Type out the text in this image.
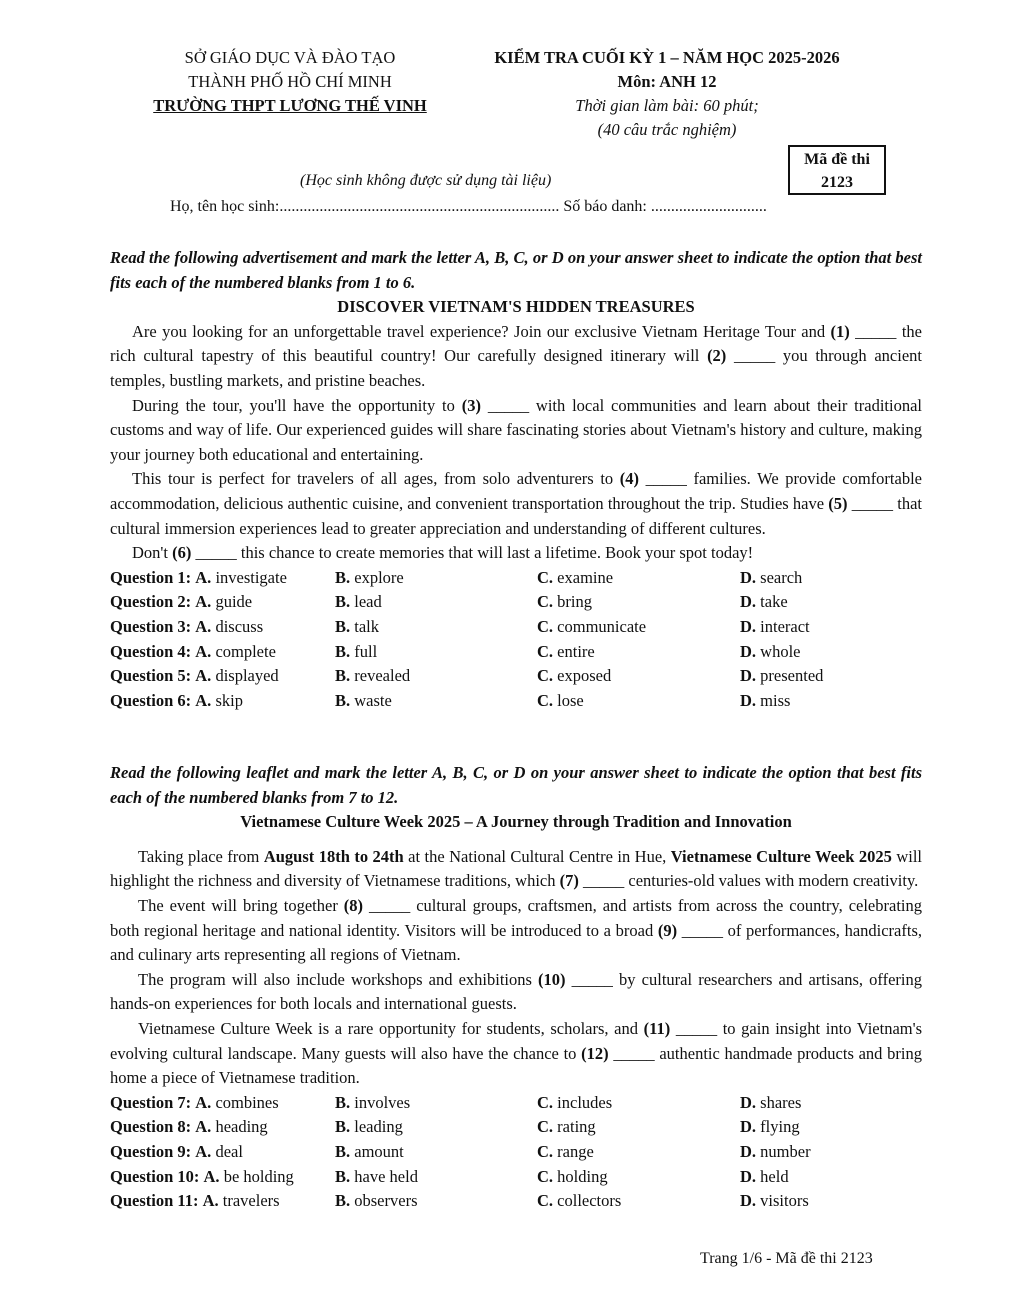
SỞ GIÁO DỤC VÀ ĐÀO TẠO
THÀNH PHỐ HỒ CHÍ MINH
TRƯỜNG THPT LƯƠNG THẾ VINH
KIỂM TRA CUỐI KỲ 1 – NĂM HỌC 2025-2026
Môn: ANH 12
Thời gian làm bài: 60 phút;
(40 câu trắc nghiệm)
Mã đề thi
2123
(Học sinh không được sử dụng tài liệu)
Họ, tên học sinh:...................................................................... Số báo danh: .............................

Read the following advertisement and mark the letter A, B, C, or D on your answer sheet to indicate the option that best fits each of the numbered blanks from 1 to 6.

DISCOVER VIETNAM'S HIDDEN TREASURES

Are you looking for an unforgettable travel experience? Join our exclusive Vietnam Heritage Tour and (1) _____ the rich cultural tapestry of this beautiful country! Our carefully designed itinerary will (2) _____ you through ancient temples, bustling markets, and pristine beaches.

During the tour, you'll have the opportunity to (3) _____ with local communities and learn about their traditional customs and way of life. Our experienced guides will share fascinating stories about Vietnam's history and culture, making your journey both educational and entertaining.

This tour is perfect for travelers of all ages, from solo adventurers to (4) _____ families. We provide comfortable accommodation, delicious authentic cuisine, and convenient transportation throughout the trip. Studies have (5) _____ that cultural immersion experiences lead to greater appreciation and understanding of different cultures.

Don't (6) _____ this chance to create memories that will last a lifetime. Book your spot today!

Question 1: A. investigate	B. explore	C. examine	D. search
Question 2: A. guide	B. lead	C. bring	D. take
Question 3: A. discuss	B. talk	C. communicate	D. interact
Question 4: A. complete	B. full	C. entire	D. whole
Question 5: A. displayed	B. revealed	C. exposed	D. presented
Question 6: A. skip	B. waste	C. lose	D. miss

Read the following leaflet and mark the letter A, B, C, or D on your answer sheet to indicate the option that best fits each of the numbered blanks from 7 to 12.

Vietnamese Culture Week 2025 – A Journey through Tradition and Innovation

Taking place from August 18th to 24th at the National Cultural Centre in Hue, Vietnamese Culture Week 2025 will highlight the richness and diversity of Vietnamese traditions, which (7) _____ centuries-old values with modern creativity.

The event will bring together (8) _____ cultural groups, craftsmen, and artists from across the country, celebrating both regional heritage and national identity. Visitors will be introduced to a broad (9) _____ of performances, handicrafts, and culinary arts representing all regions of Vietnam.

The program will also include workshops and exhibitions (10) _____ by cultural researchers and artisans, offering hands-on experiences for both locals and international guests.

Vietnamese Culture Week is a rare opportunity for students, scholars, and (11) _____ to gain insight into Vietnam's evolving cultural landscape. Many guests will also have the chance to (12) _____ authentic handmade products and bring home a piece of Vietnamese tradition.

Question 7: A. combines	B. involves	C. includes	D. shares
Question 8: A. heading	B. leading	C. rating	D. flying
Question 9: A. deal	B. amount	C. range	D. number
Question 10: A. be holding B. have held	C. holding	D. held
Question 11: A. travelers	B. observers	C. collectors	D. visitors
Trang 1/6 - Mã đề thi 2123
